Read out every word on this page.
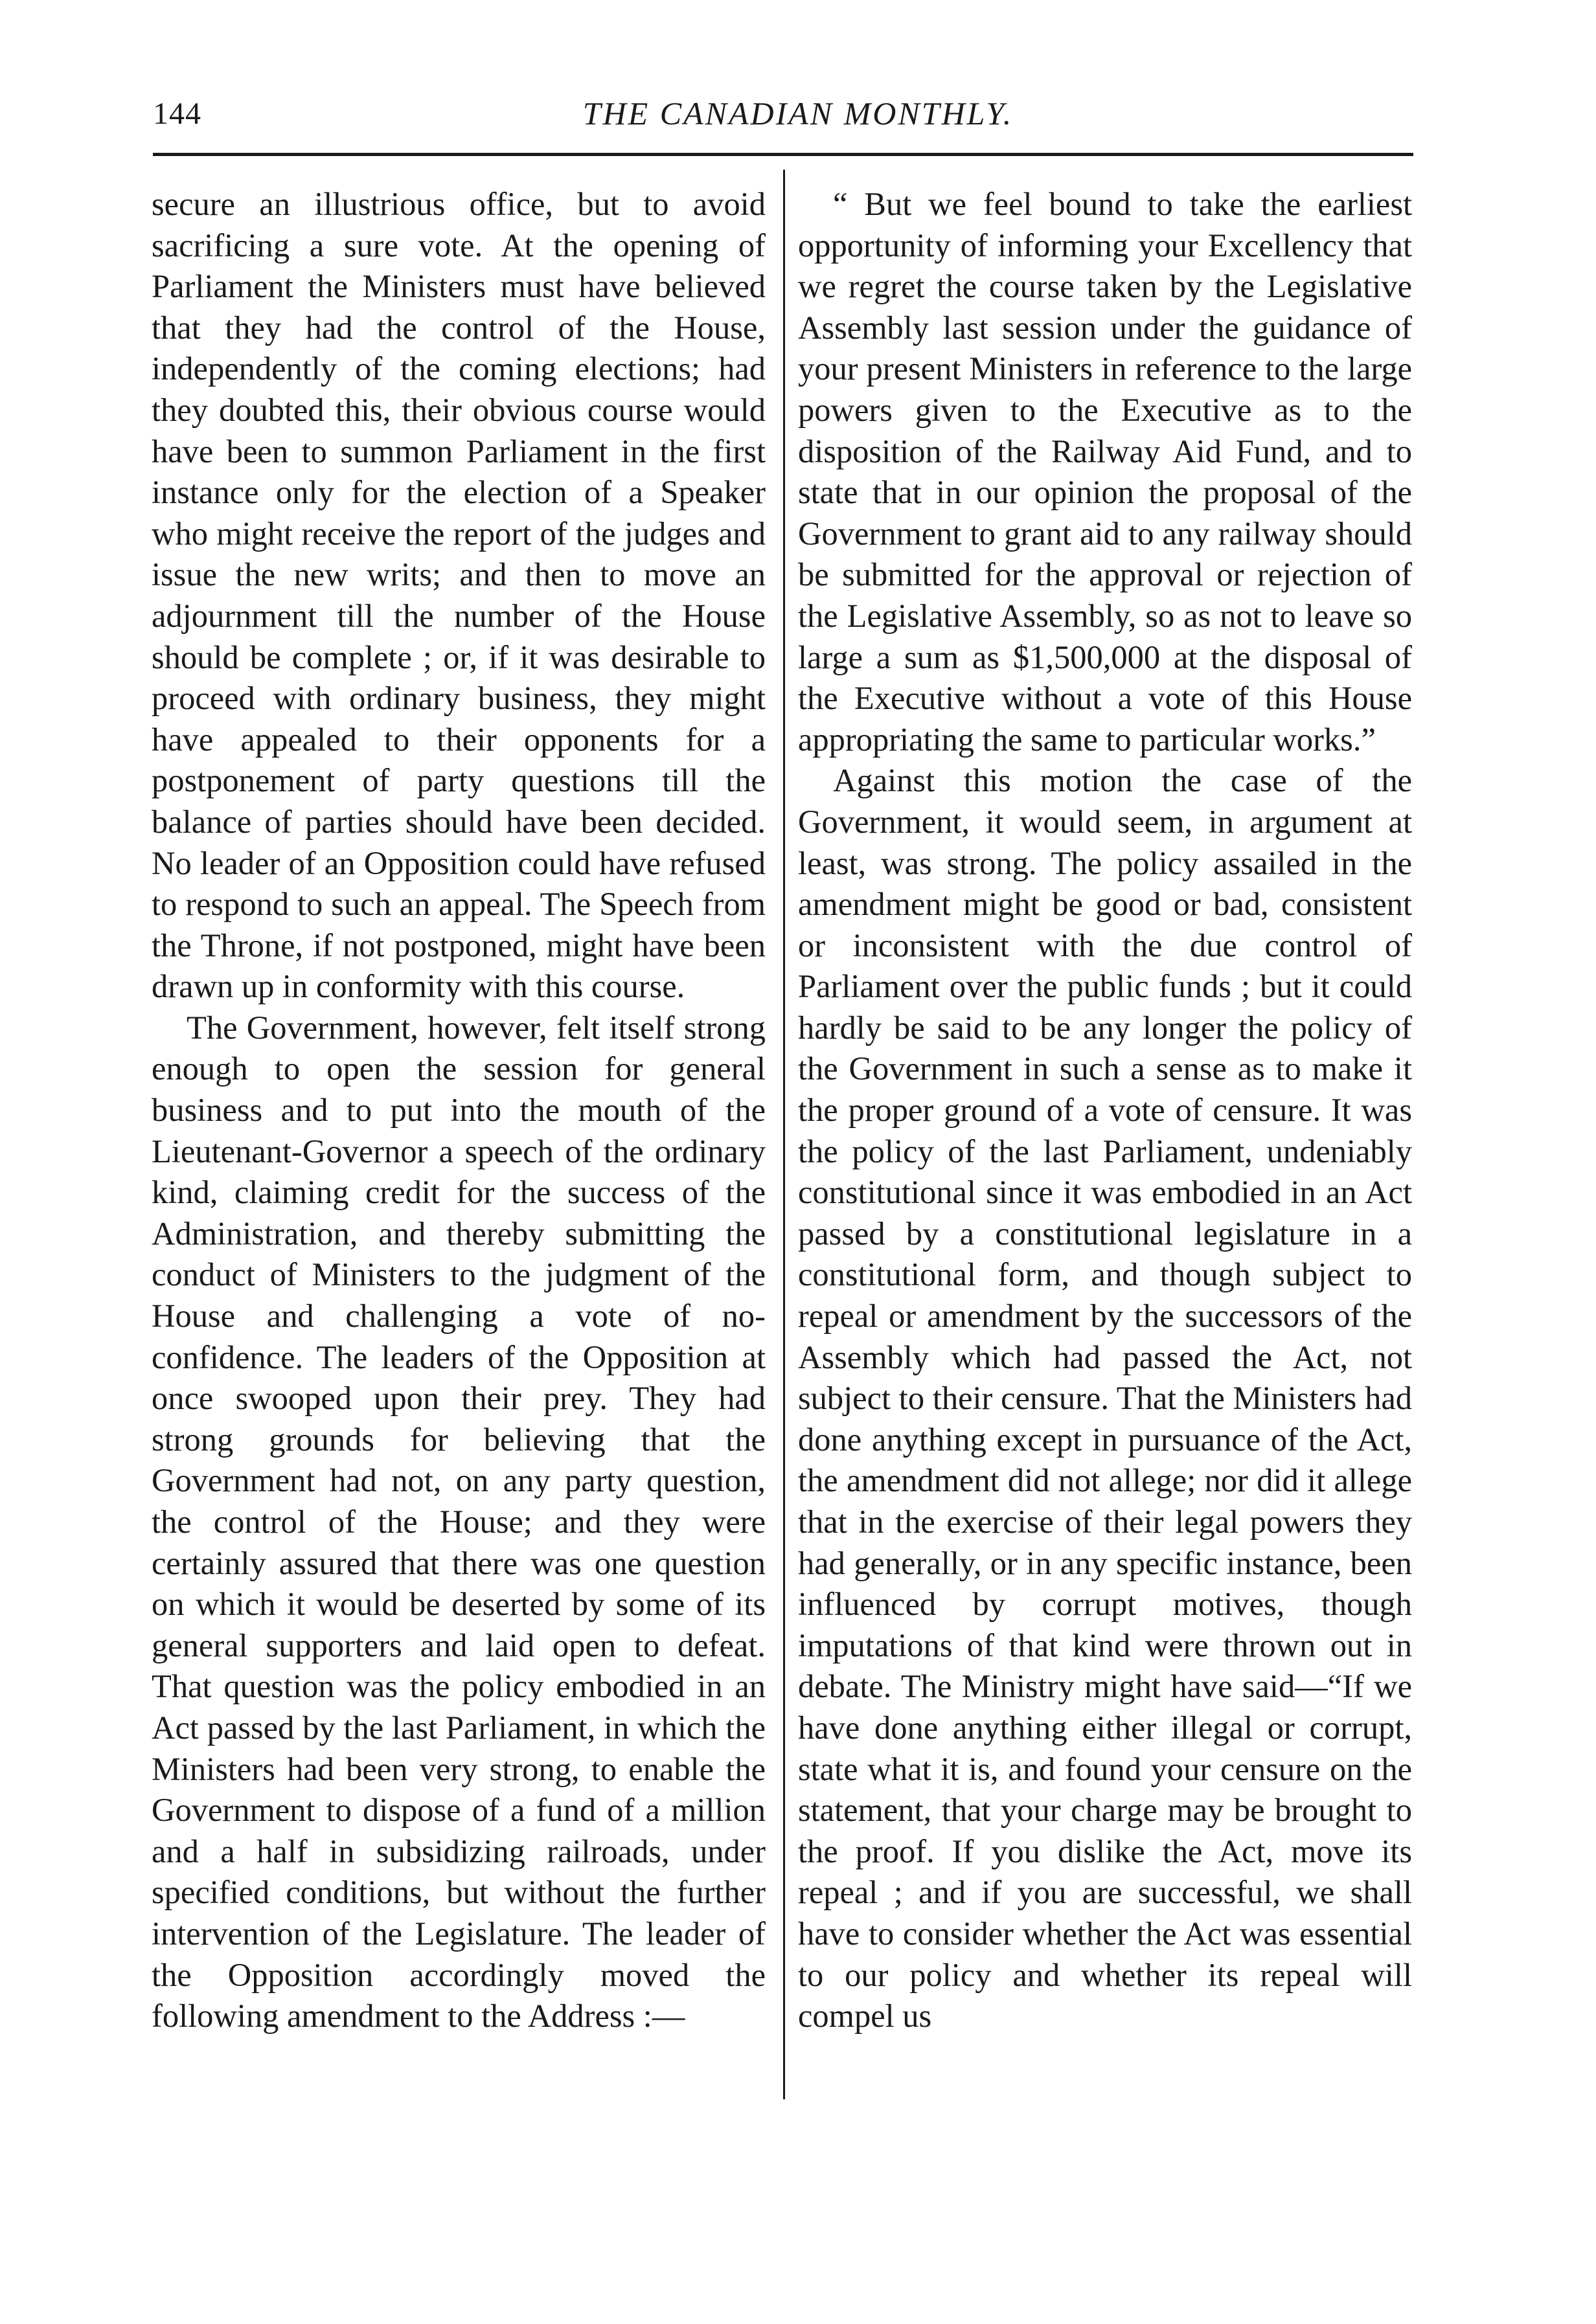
144	THE CANADIAN MONTHLY.

secure an illustrious office, but to avoid sacrificing a sure vote. At the opening of Parliament the Ministers must have believed that they had the control of the House, independently of the coming elections; had they doubted this, their obvious course would have been to summon Parliament in the first instance only for the election of a Speaker who might receive the report of the judges and issue the new writs; and then to move an adjournment till the number of the House should be complete ; or, if it was desirable to proceed with ordinary business, they might have appealed to their opponents for a postponement of party questions till the balance of parties should have been decided. No leader of an Opposition could have refused to respond to such an appeal. The Speech from the Throne, if not postponed, might have been drawn up in conformity with this course.

The Government, however, felt itself strong enough to open the session for general business and to put into the mouth of the Lieutenant-Governor a speech of the ordinary kind, claiming credit for the success of the Administration, and thereby submitting the conduct of Ministers to the judgment of the House and challenging a vote of no-confidence. The leaders of the Opposition at once swooped upon their prey. They had strong grounds for believing that the Government had not, on any party question, the control of the House; and they were certainly assured that there was one question on which it would be deserted by some of its general supporters and laid open to defeat. That question was the policy embodied in an Act passed by the last Parliament, in which the Ministers had been very strong, to enable the Government to dispose of a fund of a million and a half in subsidizing railroads, under specified conditions, but without the further intervention of the Legislature. The leader of the Opposition accordingly moved the following amendment to the Address :—

“ But we feel bound to take the earliest opportunity of informing your Excellency that we regret the course taken by the Legislative Assembly last session under the guidance of your present Ministers in reference to the large powers given to the Executive as to the disposition of the Railway Aid Fund, and to state that in our opinion the proposal of the Government to grant aid to any railway should be submitted for the approval or rejection of the Legislative Assembly, so as not to leave so large a sum as $1,500,000 at the disposal of the Executive without a vote of this House appropriating the same to particular works.”

Against this motion the case of the Government, it would seem, in argument at least, was strong. The policy assailed in the amendment might be good or bad, consistent or inconsistent with the due control of Parliament over the public funds ; but it could hardly be said to be any longer the policy of the Government in such a sense as to make it the proper ground of a vote of censure. It was the policy of the last Parliament, undeniably constitutional since it was embodied in an Act passed by a constitutional legislature in a constitutional form, and though subject to repeal or amendment by the successors of the Assembly which had passed the Act, not subject to their censure. That the Ministers had done anything except in pursuance of the Act, the amendment did not allege; nor did it allege that in the exercise of their legal powers they had generally, or in any specific instance, been influenced by corrupt motives, though imputations of that kind were thrown out in debate. The Ministry might have said—“If we have done anything either illegal or corrupt, state what it is, and found your censure on the statement, that your charge may be brought to the proof. If you dislike the Act, move its repeal ; and if you are successful, we shall have to consider whether the Act was essential to our policy and whether its repeal will compel us
